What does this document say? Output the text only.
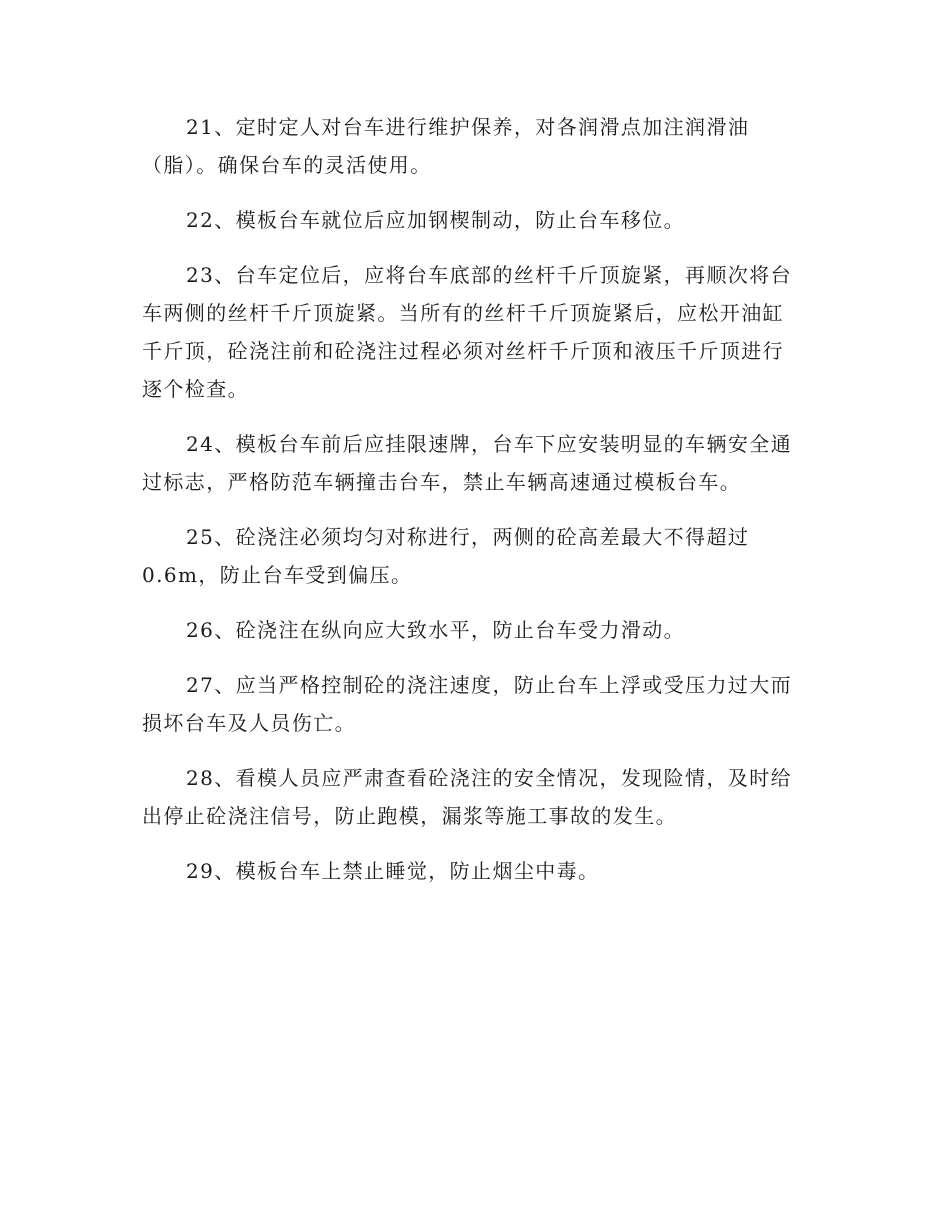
21、定时定人对台车进行维护保养，对各润滑点加注润滑油
（脂）。确保台车的灵活使用。

22、模板台车就位后应加钢楔制动，防止台车移位。

23、台车定位后，应将台车底部的丝杆千斤顶旋紧，再顺次将台车两侧的丝杆千斤顶旋紧。当所有的丝杆千斤顶旋紧后，应松开油缸千斤顶，砼浇注前和砼浇注过程必须对丝杆千斤顶和液压千斤顶进行逐个检查。

24、模板台车前后应挂限速牌，台车下应安装明显的车辆安全通过标志，严格防范车辆撞击台车，禁止车辆高速通过模板台车。

25、砼浇注必须均匀对称进行，两侧的砼高差最大不得超过
0.6m，防止台车受到偏压。

26、砼浇注在纵向应大致水平，防止台车受力滑动。

27、应当严格控制砼的浇注速度，防止台车上浮或受压力过大而损坏台车及人员伤亡。

28、看模人员应严肃查看砼浇注的安全情况，发现险情，及时给出停止砼浇注信号，防止跑模，漏浆等施工事故的发生。

29、模板台车上禁止睡觉，防止烟尘中毒。
